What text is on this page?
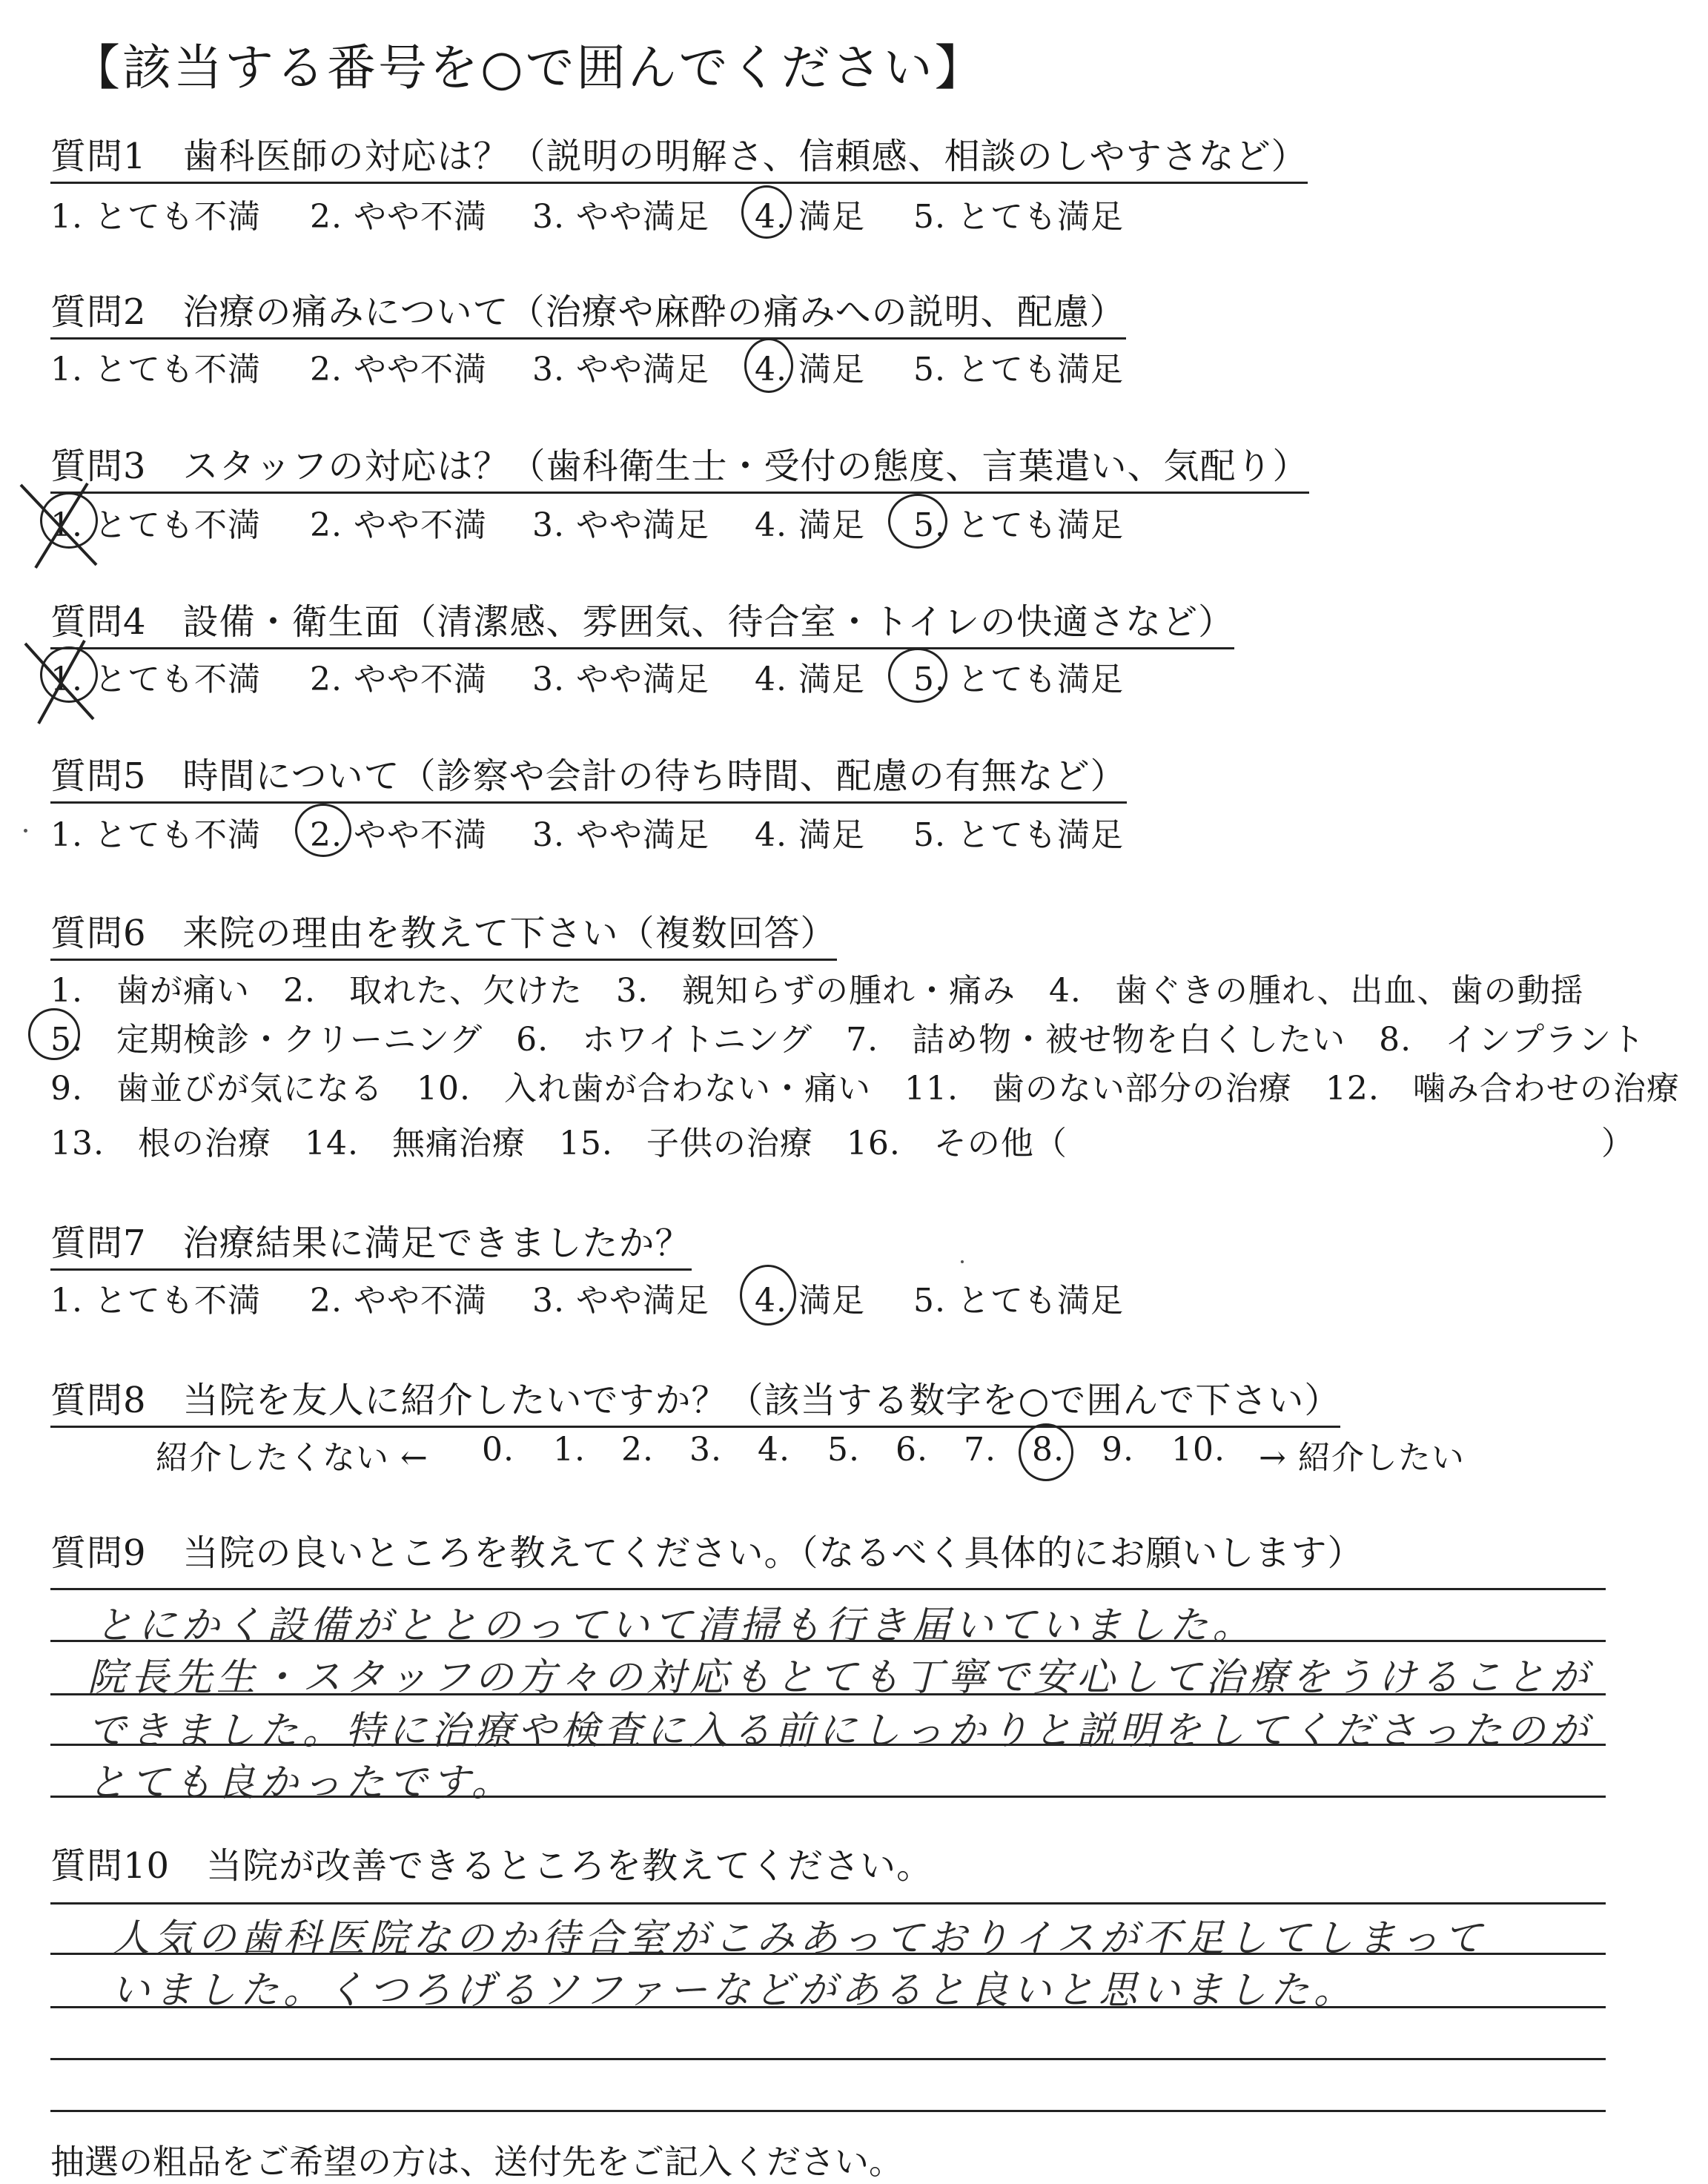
【該当する番号を○で囲んでください】
質問1　歯科医師の対応は？（説明の明解さ、信頼感、相談のしやすさなど）
1. とても不満 2. やや不満 3. やや満足 4. 満足 5. とても満足
質問2　治療の痛みについて（治療や麻酔の痛みへの説明、配慮）
1. とても不満 2. やや不満 3. やや満足 4. 満足 5. とても満足
質問3　スタッフの対応は？（歯科衛生士・受付の態度、言葉遣い、気配り）
1. とても不満 2. やや不満 3. やや満足 4. 満足 5. とても満足
質問4　設備・衛生面（清潔感、雰囲気、待合室・トイレの快適さなど）
1. とても不満 2. やや不満 3. やや満足 4. 満足 5. とても満足
質問5　時間について（診察や会計の待ち時間、配慮の有無など）
1. とても不満 2. やや不満 3. やや満足 4. 満足 5. とても満足
質問6　来院の理由を教えて下さい（複数回答）
1.　歯が痛い　2.　取れた、欠けた　3.　親知らずの腫れ・痛み　4.　歯ぐきの腫れ、出血、歯の動揺
5.　定期検診・クリーニング　6.　ホワイトニング　7.　詰め物・被せ物を白くしたい　8.　インプラント
9.　歯並びが気になる　10.　入れ歯が合わない・痛い　11.　歯のない部分の治療　12.　噛み合わせの治療
13.　根の治療　14.　無痛治療　15.　子供の治療　16.　その他（	）
質問7　治療結果に満足できましたか？
1. とても不満 2. やや不満 3. やや満足 4. 満足 5. とても満足
質問8　当院を友人に紹介したいですか？（該当する数字を○で囲んで下さい）
紹介したくない ← 0. 1. 2. 3. 4. 5. 6. 7. 8. 9. 10. → 紹介したい
質問9　当院の良いところを教えてください。（なるべく具体的にお願いします）
とにかく設備がととのっていて清掃も行き届いていました。
院長先生・スタッフの方々の対応もとても丁寧で安心して治療をうけることが
できました。特に治療や検査に入る前にしっかりと説明をしてくださったのが
とても良かったです。
質問10　当院が改善できるところを教えてください。
人気の歯科医院なのか待合室がこみあっておりイスが不足してしまって
いました。くつろげるソファーなどがあると良いと思いました。
抽選の粗品をご希望の方は、送付先をご記入ください。
